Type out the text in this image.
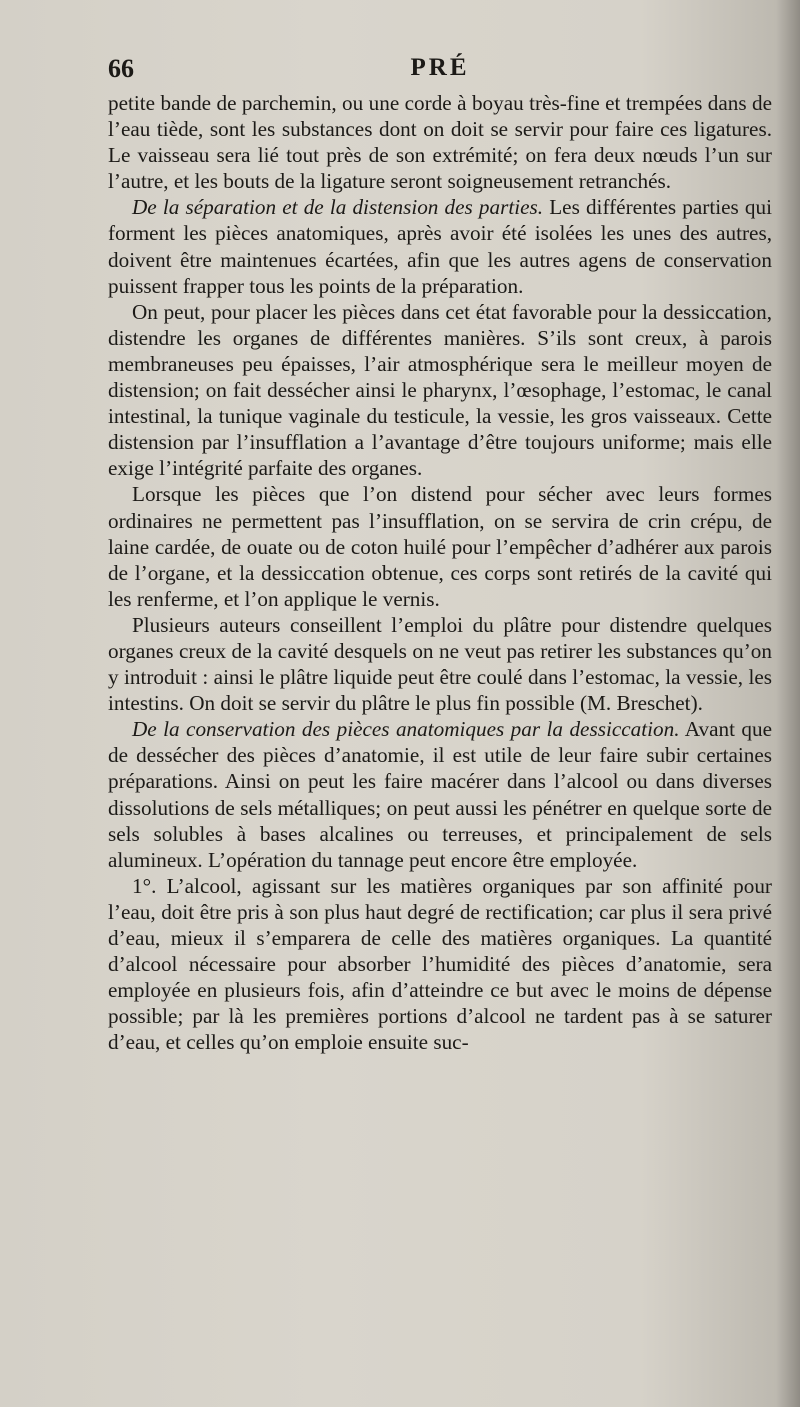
66	PRÉ

petite bande de parchemin, ou une corde à boyau très-fine et trempées dans de l’eau tiède, sont les substances dont on doit se servir pour faire ces ligatures. Le vaisseau sera lié tout près de son extrémité; on fera deux nœuds l’un sur l’autre, et les bouts de la ligature seront soigneusement retranchés.

De la séparation et de la distension des parties. Les différentes parties qui forment les pièces anatomiques, après avoir été isolées les unes des autres, doivent être maintenues écartées, afin que les autres agens de conservation puissent frapper tous les points de la préparation.

On peut, pour placer les pièces dans cet état favorable pour la dessiccation, distendre les organes de différentes manières. S’ils sont creux, à parois membraneuses peu épaisses, l’air atmosphérique sera le meilleur moyen de distension; on fait dessécher ainsi le pharynx, l’œsophage, l’estomac, le canal intestinal, la tunique vaginale du testicule, la vessie, les gros vaisseaux. Cette distension par l’insufflation a l’avantage d’être toujours uniforme; mais elle exige l’intégrité parfaite des organes.

Lorsque les pièces que l’on distend pour sécher avec leurs formes ordinaires ne permettent pas l’insufflation, on se servira de crin crépu, de laine cardée, de ouate ou de coton huilé pour l’empêcher d’adhérer aux parois de l’organe, et la dessiccation obtenue, ces corps sont retirés de la cavité qui les renferme, et l’on applique le vernis.

Plusieurs auteurs conseillent l’emploi du plâtre pour distendre quelques organes creux de la cavité desquels on ne veut pas retirer les substances qu’on y introduit : ainsi le plâtre liquide peut être coulé dans l’estomac, la vessie, les intestins. On doit se servir du plâtre le plus fin possible (M. Breschet).

De la conservation des pièces anatomiques par la dessiccation. Avant que de dessécher des pièces d’anatomie, il est utile de leur faire subir certaines préparations. Ainsi on peut les faire macérer dans l’alcool ou dans diverses dissolutions de sels métalliques; on peut aussi les pénétrer en quelque sorte de sels solubles à bases alcalines ou terreuses, et principalement de sels alumineux. L’opération du tannage peut encore être employée.

1°. L’alcool, agissant sur les matières organiques par son affinité pour l’eau, doit être pris à son plus haut degré de rectification; car plus il sera privé d’eau, mieux il s’emparera de celle des matières organiques. La quantité d’alcool nécessaire pour absorber l’humidité des pièces d’anatomie, sera employée en plusieurs fois, afin d’atteindre ce but avec le moins de dépense possible; par là les premières portions d’alcool ne tardent pas à se saturer d’eau, et celles qu’on emploie ensuite suc-
